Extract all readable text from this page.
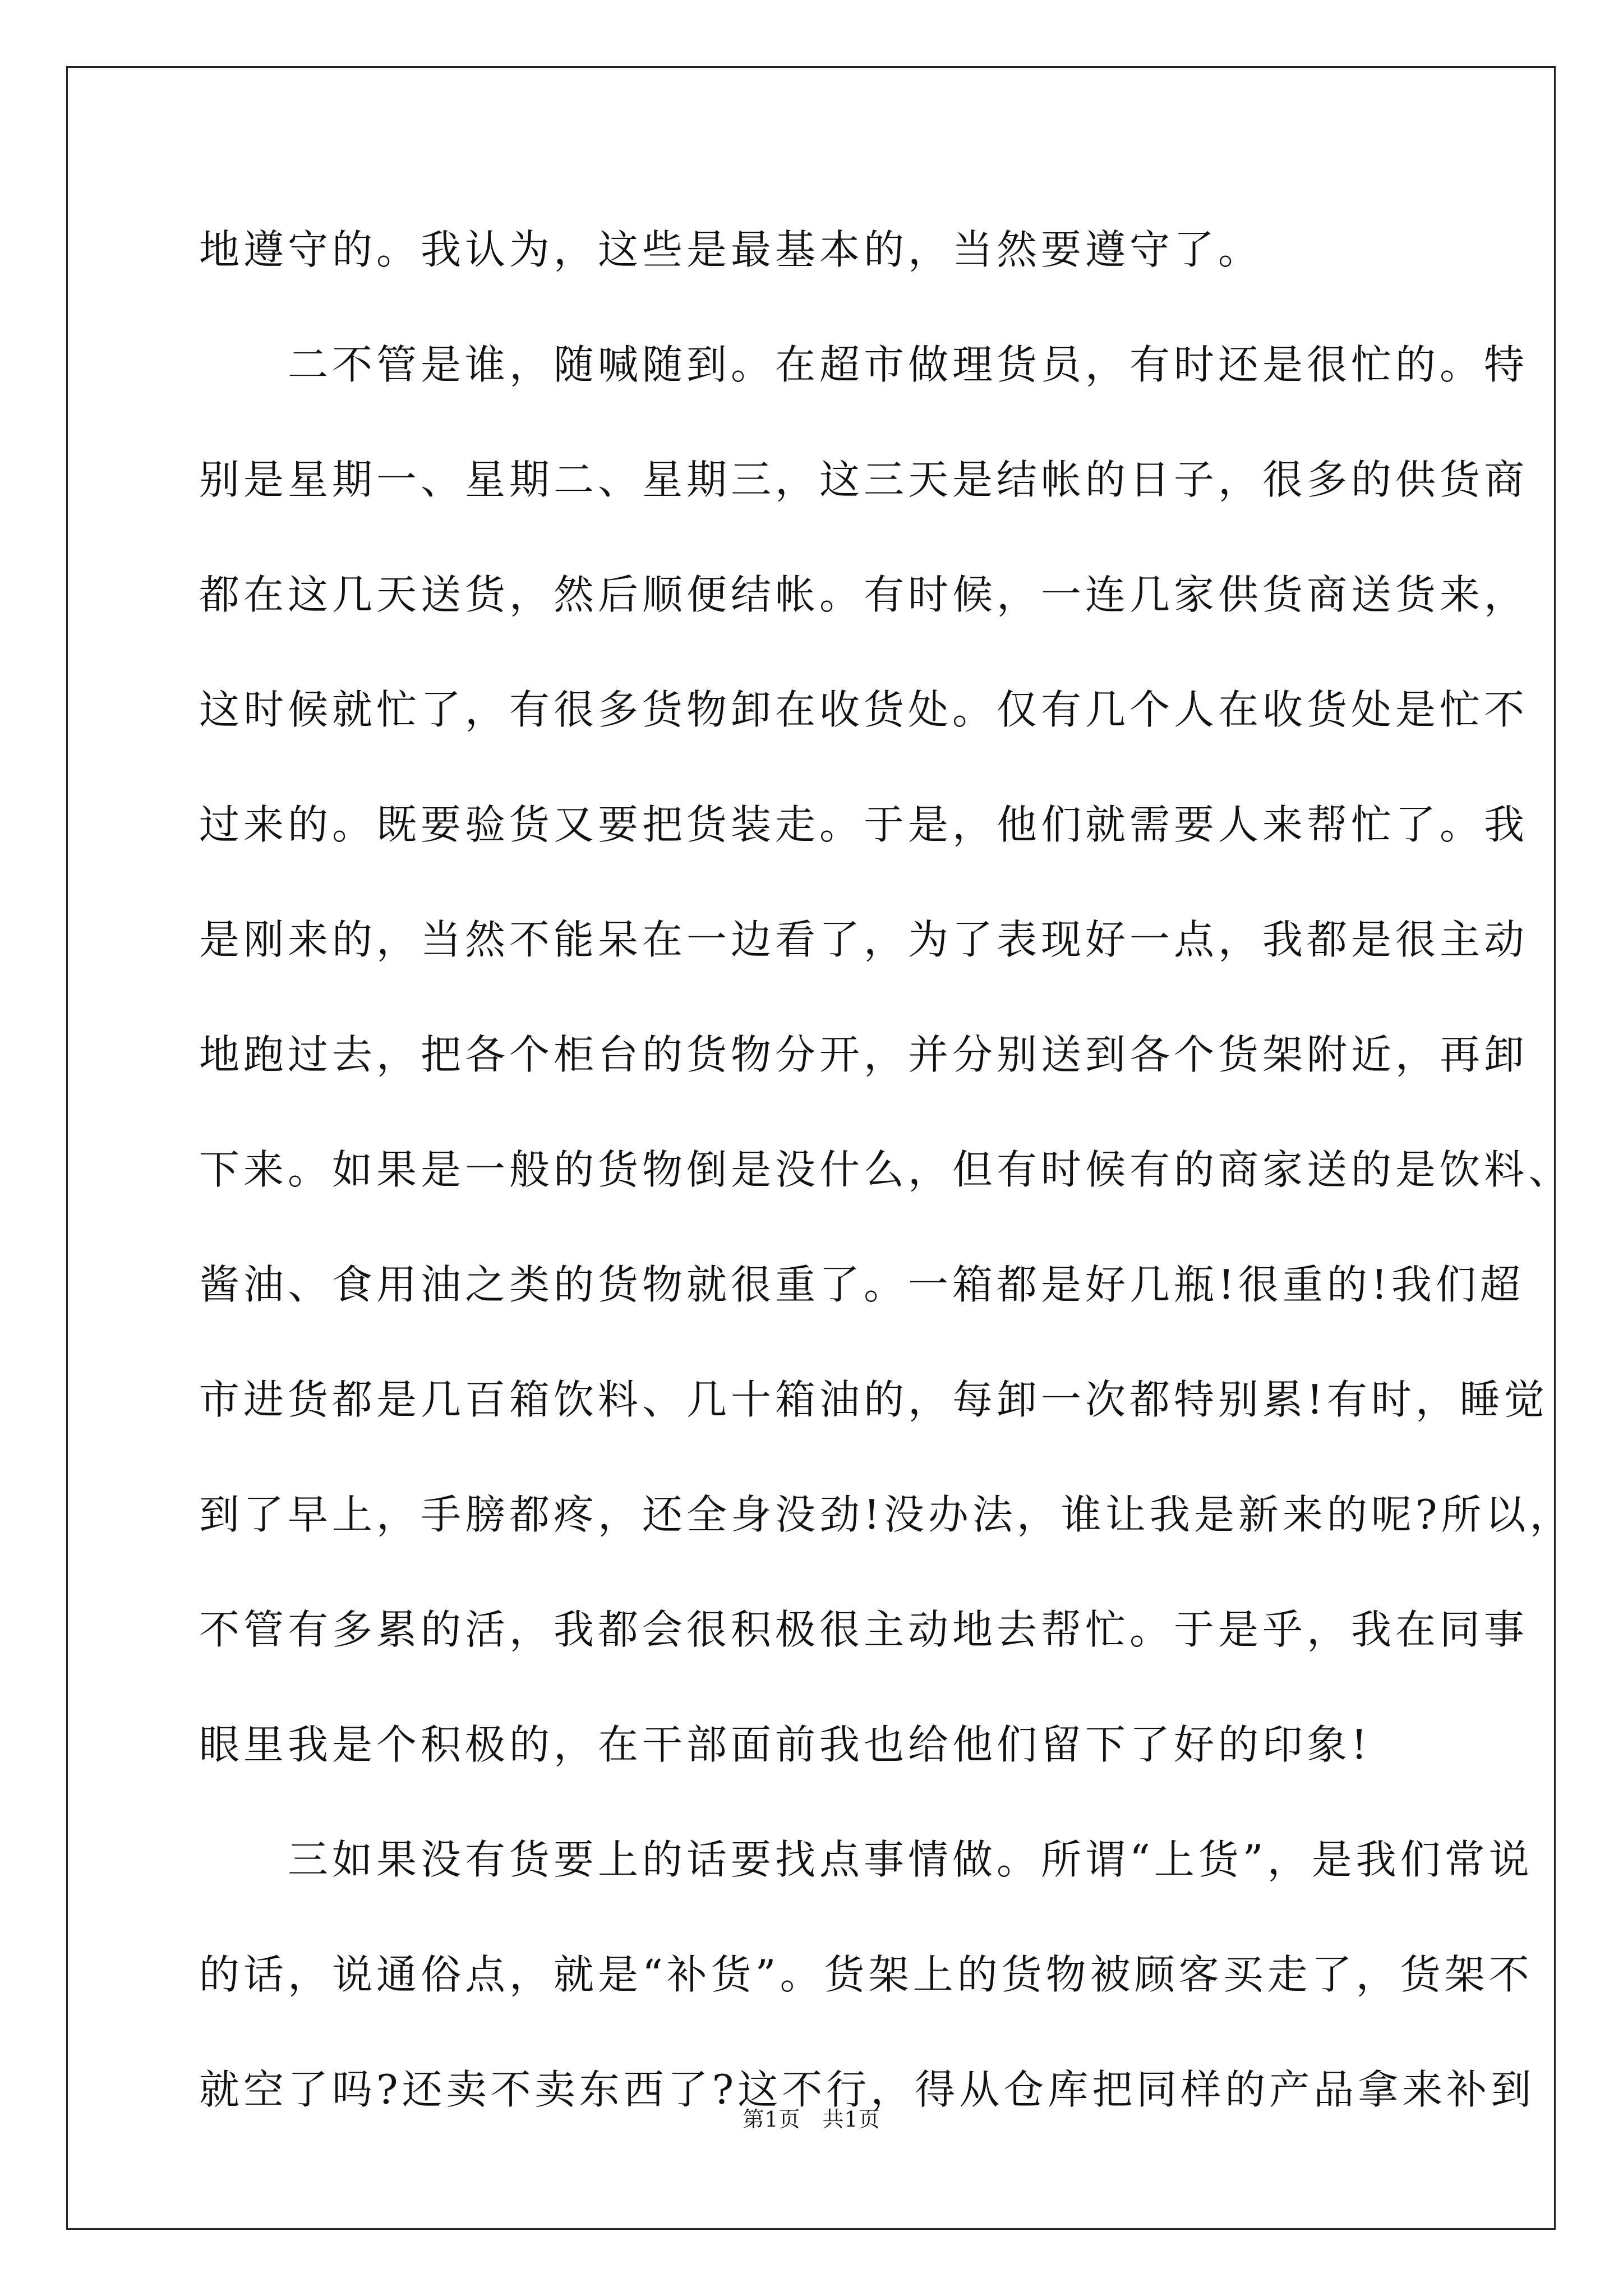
地遵守的。我认为，这些是最基本的，当然要遵守了。
　　二不管是谁，随喊随到。在超市做理货员，有时还是很忙的。特
别是星期一、星期二、星期三，这三天是结帐的日子，很多的供货商
都在这几天送货，然后顺便结帐。有时候，一连几家供货商送货来，
这时候就忙了，有很多货物卸在收货处。仅有几个人在收货处是忙不
过来的。既要验货又要把货装走。于是，他们就需要人来帮忙了。我
是刚来的，当然不能呆在一边看了，为了表现好一点，我都是很主动
地跑过去，把各个柜台的货物分开，并分别送到各个货架附近，再卸
下来。如果是一般的货物倒是没什么，但有时候有的商家送的是饮料、
酱油、食用油之类的货物就很重了。一箱都是好几瓶!很重的!我们超
市进货都是几百箱饮料、几十箱油的，每卸一次都特别累!有时，睡觉
到了早上，手膀都疼，还全身没劲!没办法，谁让我是新来的呢?所以，
不管有多累的活，我都会很积极很主动地去帮忙。于是乎，我在同事
眼里我是个积极的，在干部面前我也给他们留下了好的印象!
　　三如果没有货要上的话要找点事情做。所谓“上货”，是我们常说
的话，说通俗点，就是“补货”。货架上的货物被顾客买走了，货架不
就空了吗?还卖不卖东西了?这不行，得从仓库把同样的产品拿来补到
第1页　共1页
